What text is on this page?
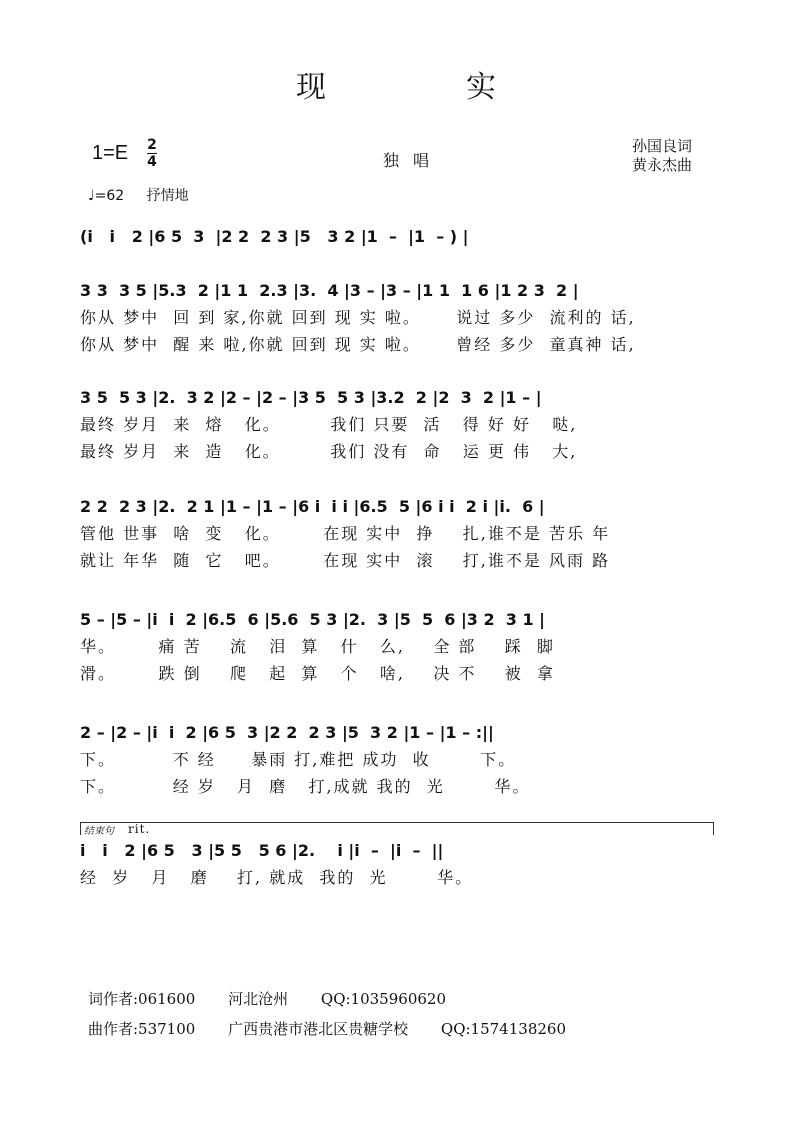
现实
$1=E \frac{2}{4}$	独唱
孙国良词
黄永杰曲
♩=62 抒情地
(i   i   2 |6 5  3  |2 2  2 3 |5   3 2 |1  –  |1  – ) |
3 3  3 5 |5.3  2 |1 1  2.3 |3.  4 |3 – |3 – |1 1  1 6 |1 2 3  2 |
你从 梦中  回 到 家,你就 回到 现 实 啦。     说过 多少  流利的 话,
你从 梦中  醒 来 啦,你就 回到 现 实 啦。     曾经 多少  童真神 话,
3 5  5 3 |2.  3 2 |2 – |2 – |3 5  5 3 |3.2  2 |2  3  2 |1 – |
最终 岁月  来  熔   化。       我们 只要  活   得 好 好   哒,
最终 岁月  来  造   化。       我们 没有  命   运 更 伟   大,
2 2  2 3 |2.  2 1 |1 – |1 – |6 i  i i |6.5  5 |6 i i  2 i |i.  6 |
管他 世事  啥  变   化。      在现 实中  挣    扎,谁不是 苦乐 年
就让 年华  随  它   吧。      在现 实中  滚    打,谁不是 风雨 路
5 – |5 – |i  i  2 |6.5  6 |5.6  5 3 |2.  3 |5  5  6 |3 2  3 1 |
华。      痛 苦    流   泪  算   什   么,    全 部    踩  脚
滑。      跌 倒    爬   起  算   个   啥,    决 不    被  拿
2 – |2 – |i  i  2 |6 5  3 |2 2  2 3 |5  3 2 |1 – |1 – :||
下。        不 经     暴雨 打,难把 成功  收       下。
下。        经 岁   月  磨   打,成就 我的  光       华。
i   i   2 |6 5   3 |5 5   5 6 |2.    i |i  –  |i  –  ||
经  岁   月   磨    打, 就成  我的  光       华。
结束句 rit.
词作者:061600 河北沧州 QQ:1035960620
曲作者:537100 广西贵港市港北区贵糖学校 QQ:1574138260
